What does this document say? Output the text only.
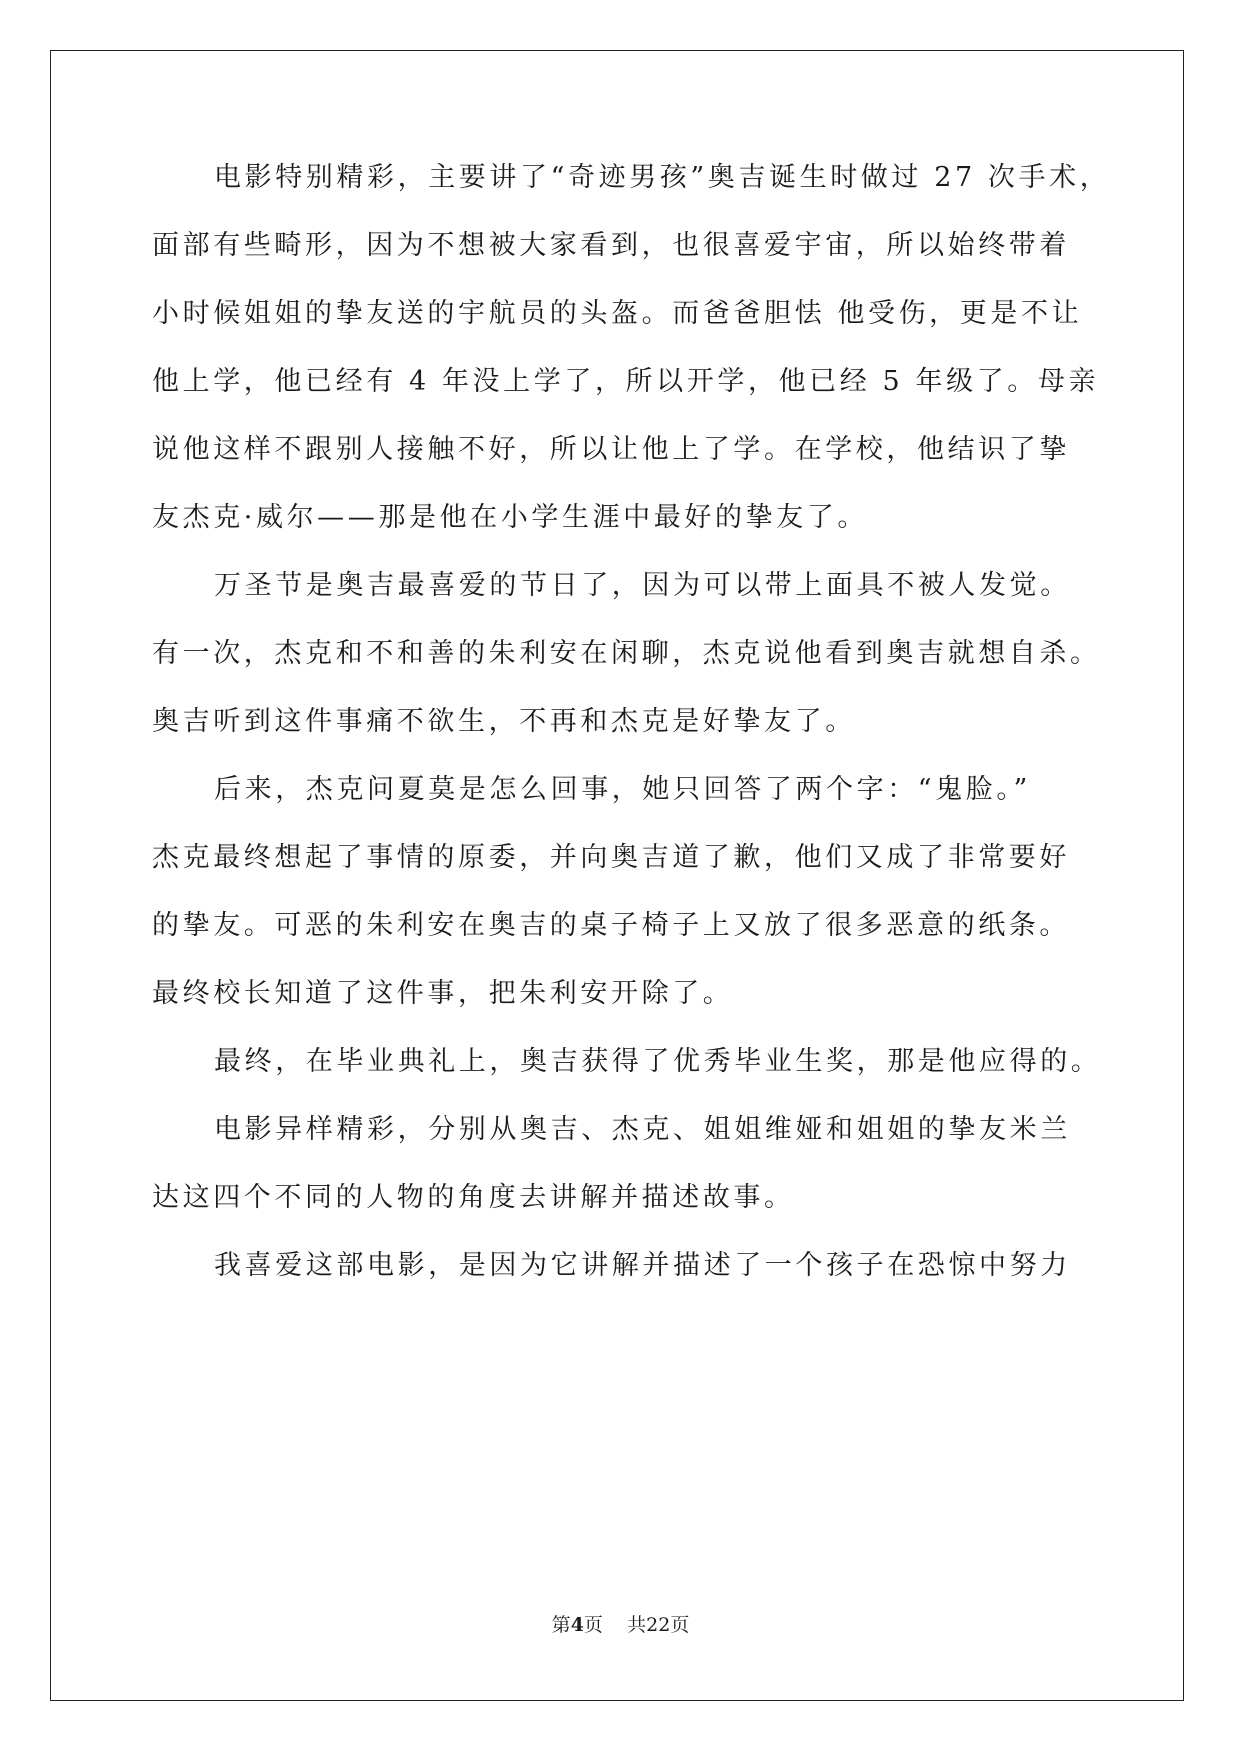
电影特别精彩，主要讲了“奇迹男孩”奥吉诞生时做过 27 次手术，
面部有些畸形，因为不想被大家看到，也很喜爱宇宙，所以始终带着
小时候姐姐的挚友送的宇航员的头盔。而爸爸胆怯 他受伤，更是不让
他上学，他已经有 4 年没上学了，所以开学，他已经 5 年级了。母亲
说他这样不跟别人接触不好，所以让他上了学。在学校，他结识了挚
友杰克·威尔——那是他在小学生涯中最好的挚友了。
万圣节是奥吉最喜爱的节日了，因为可以带上面具不被人发觉。
有一次，杰克和不和善的朱利安在闲聊，杰克说他看到奥吉就想自杀。
奥吉听到这件事痛不欲生，不再和杰克是好挚友了。
后来，杰克问夏莫是怎么回事，她只回答了两个字：“鬼脸。”
杰克最终想起了事情的原委，并向奥吉道了歉，他们又成了非常要好
的挚友。可恶的朱利安在奥吉的桌子椅子上又放了很多恶意的纸条。
最终校长知道了这件事，把朱利安开除了。
最终，在毕业典礼上，奥吉获得了优秀毕业生奖，那是他应得的。
电影异样精彩，分别从奥吉、杰克、姐姐维娅和姐姐的挚友米兰
达这四个不同的人物的角度去讲解并描述故事。
我喜爱这部电影，是因为它讲解并描述了一个孩子在恐惊中努力
第4页 共22页
